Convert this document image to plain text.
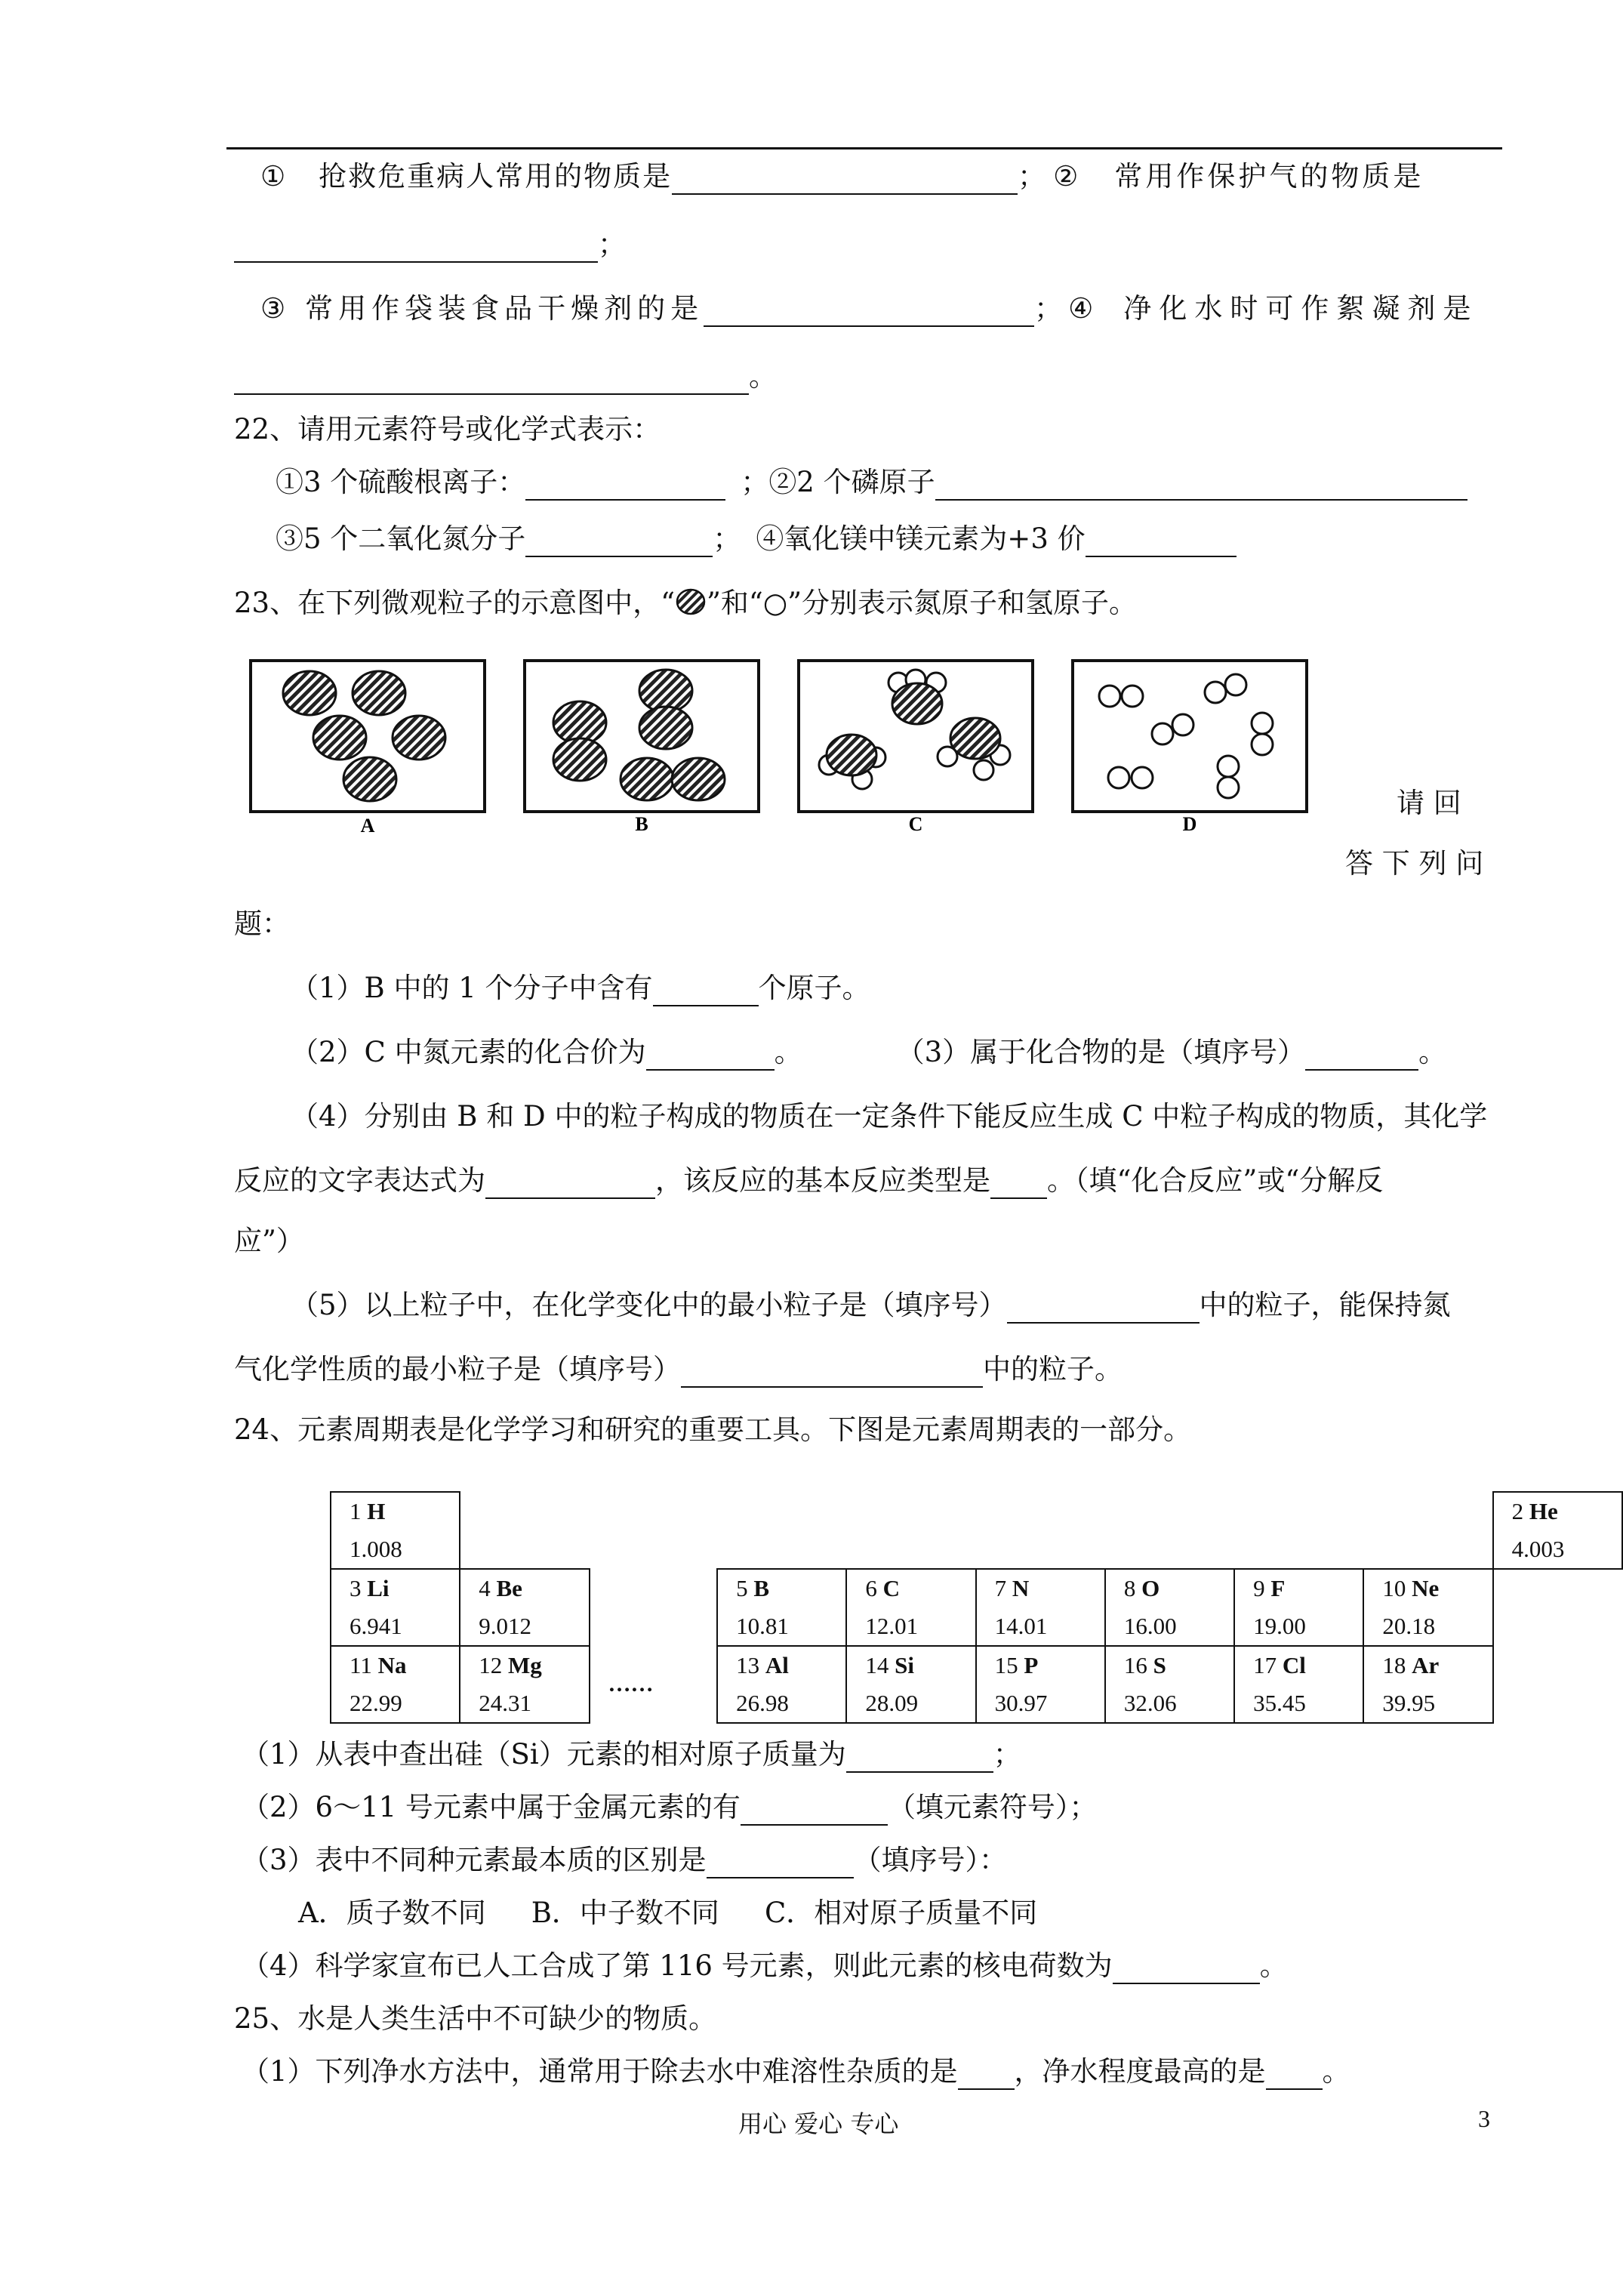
① 抢救危重病人常用的物质是	； ② 常用作保护气的物质是
；
③ 常用作袋装食品干燥剂的是	； ④ 净化水时可作絮凝剂是
。
22、请用元素符号或化学式表示：
①3 个硫酸根离子：	；②2 个磷原子
③5 个二氧化氮分子	； ④氧化镁中镁元素为+3 价
23、在下列微观粒子的示意图中，“ ”和“○”分别表示氮原子和氢原子。
A	B	C	D
请 回
答 下 列 问
题：
（1）B 中的 1 个分子中含有	个原子。
（2）C 中氮元素的化合价为	。	（3）属于化合物的是（填序号）	。
（4）分别由 B 和 D 中的粒子构成的物质在一定条件下能反应生成 C 中粒子构成的物质，其化学
反应的文字表达式为	，该反应的基本反应类型是 。（填“化合反应”或“分解反
应”）
（5）以上粒子中，在化学变化中的最小粒子是（填序号）	中的粒子，能保持氮
气化学性质的最小粒子是（填序号）	中的粒子。
24、元素周期表是化学学习和研究的重要工具。下图是元素周期表的一部分。
1 H									2 He
1.008									4.003
3 Li	4 Be		5 B	6 C	7 N	8 O	9 F	10 Ne	
6.941	9.012		10.81	12.01	14.01	16.00	19.00	20.18	
11 Na	12 Mg	……	13 Al	14 Si	15 P	16 S	17 Cl	18 Ar	
22.99	24.31		26.98	28.09	30.97	32.06	35.45	39.95	
（1）从表中查出硅（Si）元素的相对原子质量为	；
（2）6～11 号元素中属于金属元素的有	（填元素符号）；
（3）表中不同种元素最本质的区别是	（填序号）：
A．质子数不同 B．中子数不同 C．相对原子质量不同
（4）科学家宣布已人工合成了第 116 号元素，则此元素的核电荷数为	。
25、水是人类生活中不可缺少的物质。
（1）下列净水方法中，通常用于除去水中难溶性杂质的是 ，净水程度最高的是 。
用心 爱心 专心	3
